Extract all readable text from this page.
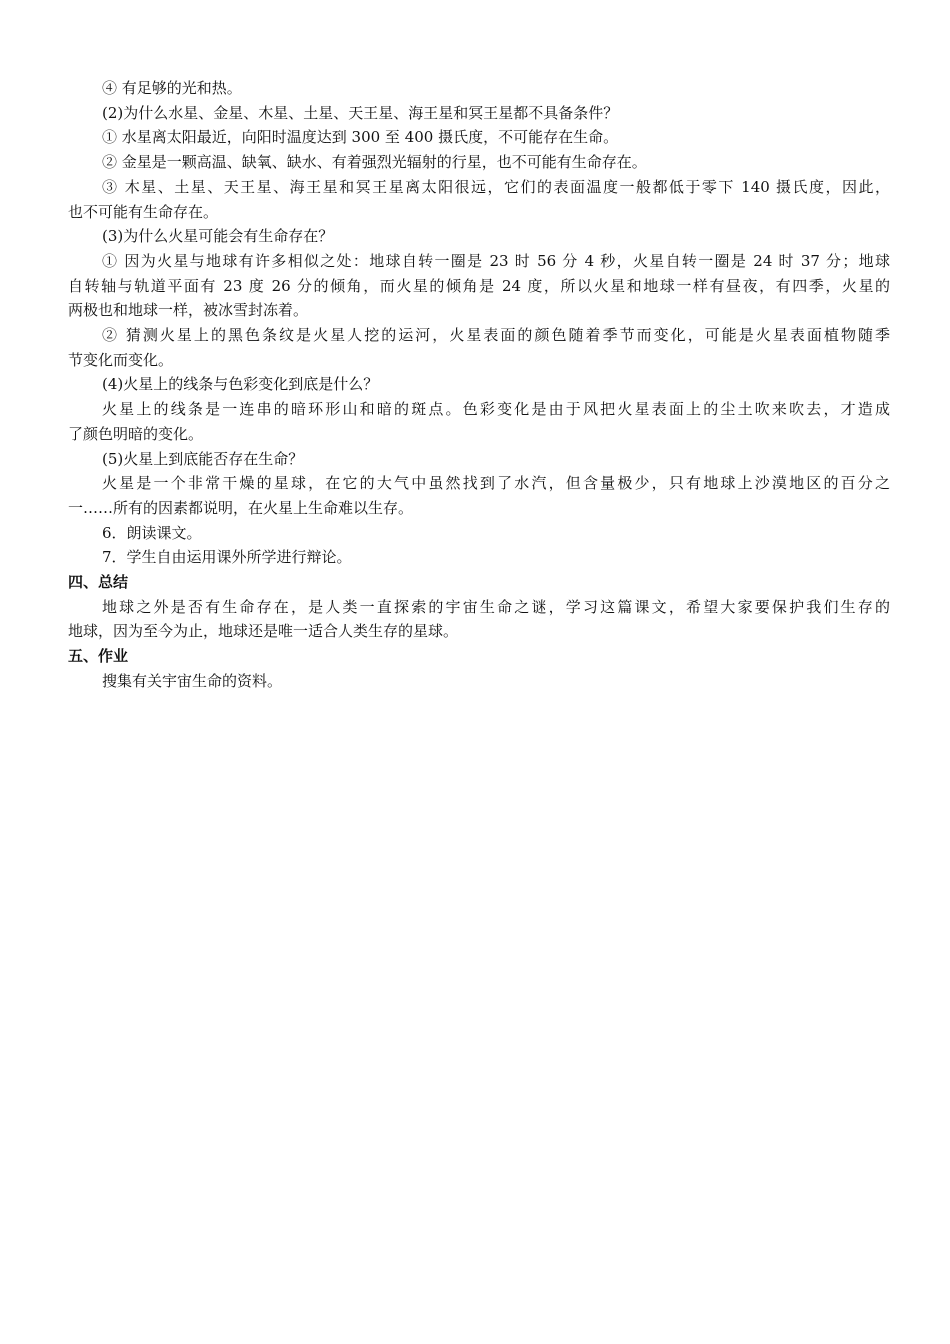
④ 有足够的光和热。
(2)为什么水星、金星、木星、土星、天王星、海王星和冥王星都不具备条件？
① 水星离太阳最近，向阳时温度达到 300 至 400 摄氏度，不可能存在生命。
② 金星是一颗高温、缺氧、缺水、有着强烈光辐射的行星，也不可能有生命存在。
③ 木星、土星、天王星、海王星和冥王星离太阳很远，它们的表面温度一般都低于零下 140 摄氏度，因此，
也不可能有生命存在。
(3)为什么火星可能会有生命存在？
① 因为火星与地球有许多相似之处：地球自转一圈是 23 时 56 分 4 秒，火星自转一圈是 24 时 37 分；地球
自转轴与轨道平面有 23 度 26 分的倾角，而火星的倾角是 24 度，所以火星和地球一样有昼夜，有四季，火星的
两极也和地球一样，被冰雪封冻着。
② 猜测火星上的黑色条纹是火星人挖的运河，火星表面的颜色随着季节而变化，可能是火星表面植物随季
节变化而变化。
(4)火星上的线条与色彩变化到底是什么？
火星上的线条是一连串的暗环形山和暗的斑点。色彩变化是由于风把火星表面上的尘土吹来吹去，才造成
了颜色明暗的变化。
(5)火星上到底能否存在生命？
火星是一个非常干燥的星球，在它的大气中虽然找到了水汽，但含量极少，只有地球上沙漠地区的百分之
一……所有的因素都说明，在火星上生命难以生存。
6．朗读课文。
7．学生自由运用课外所学进行辩论。
四、总结
地球之外是否有生命存在，是人类一直探索的宇宙生命之谜，学习这篇课文，希望大家要保护我们生存的
地球，因为至今为止，地球还是唯一适合人类生存的星球。
五、作业
搜集有关宇宙生命的资料。
